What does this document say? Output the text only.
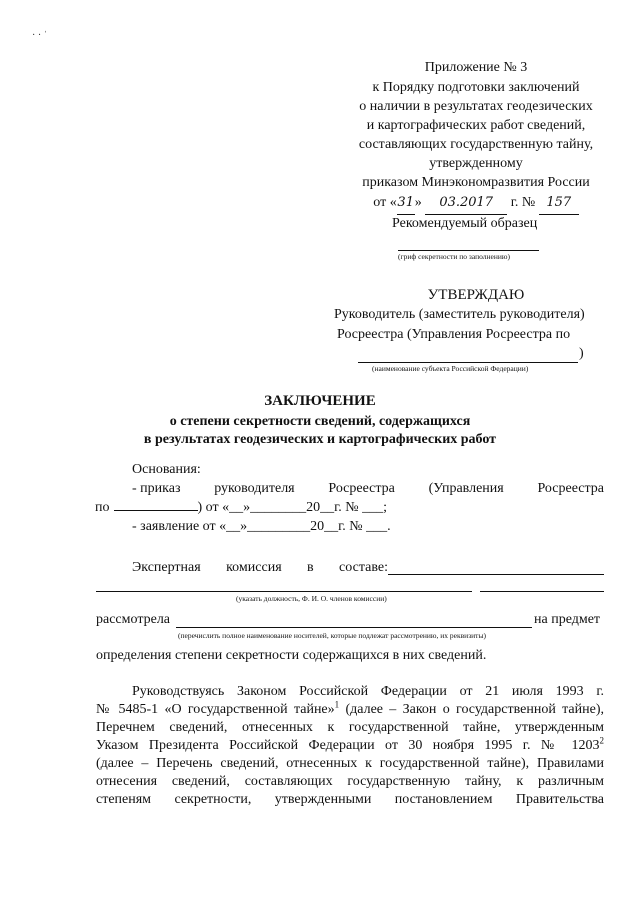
· · ˈ
Приложение № 3
к Порядку подготовки заключений
о наличии в результатах геодезических
и картографических работ сведений,
составляющих государственную тайну,
утвержденному
приказом Минэкономразвития России
от «31» 03.2017 г. № 157
Рекомендуемый образец
(гриф секретности по заполнению)
УТВЕРЖДАЮ
Руководитель (заместитель руководителя)
Росреестра (Управления Росреестра по
)
(наименование субъекта Российской Федерации)
ЗАКЛЮЧЕНИЕ
о степени секретности сведений, содержащихся
в результатах геодезических и картографических работ
Основания:
- приказ руководителя Росреестра (Управления Росреестра
по	) от «__»________20__г. № ___;
- заявление от «__»_________20__г. № ___.
Экспертная комиссия в составе:
(указать должность, Ф. И. О. членов комиссии)
рассмотрела	на предмет
(перечислить полное наименование носителей, которые подлежат рассмотрению, их реквизиты)
определения степени секретности содержащихся в них сведений.
Руководствуясь Законом Российской Федерации от 21 июля 1993 г.
№ 5485-1 «О государственной тайне»$^1$ (далее – Закон о государственной тайне),
Перечнем сведений, отнесенных к государственной тайне, утвержденным
Указом Президента Российской Федерации от 30 ноября 1995 г. № 1203$^2$
(далее – Перечень сведений, отнесенных к государственной тайне), Правилами
отнесения сведений, составляющих государственную тайну, к различным
степеням секретности, утвержденными постановлением Правительства
